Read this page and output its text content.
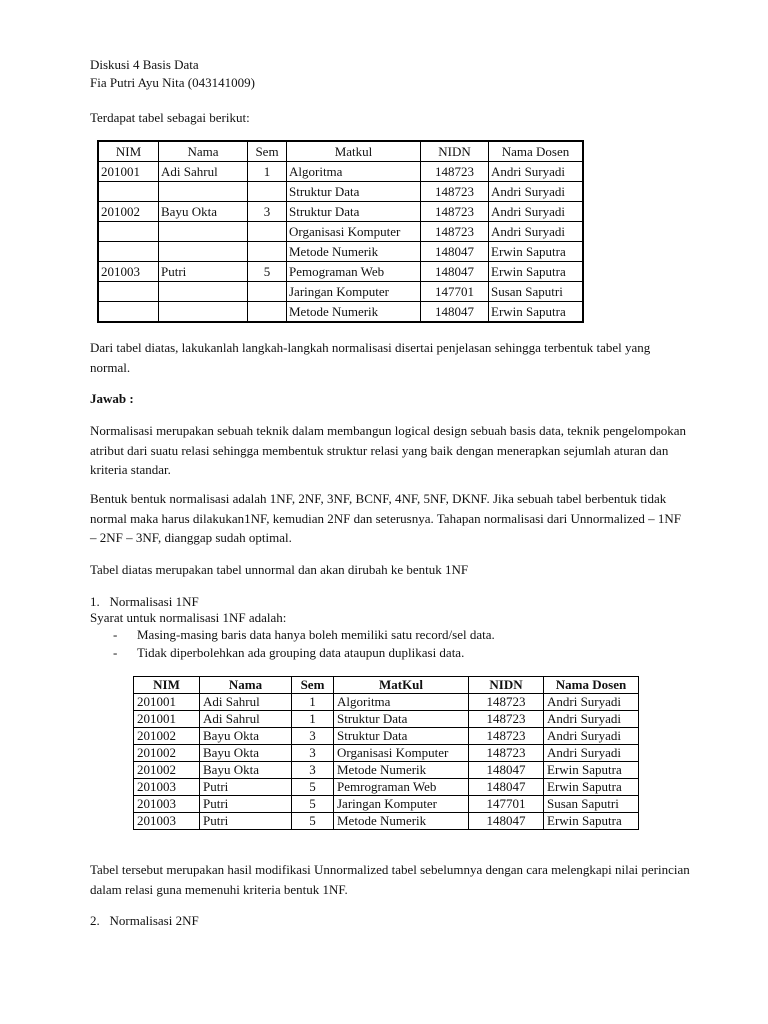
Diskusi 4 Basis Data
Fia Putri Ayu Nita (043141009)
Terdapat tabel sebagai berikut:
NIM	Nama	Sem	Matkul	NIDN	Nama Dosen
201001	Adi Sahrul	1	Algoritma	148723	Andri Suryadi
			Struktur Data	148723	Andri Suryadi
201002	Bayu Okta	3	Struktur Data	148723	Andri Suryadi
			Organisasi Komputer	148723	Andri Suryadi
			Metode Numerik	148047	Erwin Saputra
201003	Putri	5	Pemograman Web	148047	Erwin Saputra
			Jaringan Komputer	147701	Susan Saputri
			Metode Numerik	148047	Erwin Saputra
Dari tabel diatas, lakukanlah langkah-langkah normalisasi disertai penjelasan sehingga terbentuk tabel yang normal.
Jawab :
Normalisasi merupakan sebuah teknik dalam membangun logical design sebuah basis data, teknik pengelompokan atribut dari suatu relasi sehingga membentuk struktur relasi yang baik dengan menerapkan sejumlah aturan dan kriteria standar.
Bentuk bentuk normalisasi adalah 1NF, 2NF, 3NF, BCNF, 4NF, 5NF, DKNF. Jika sebuah tabel berbentuk tidak normal maka harus dilakukan1NF, kemudian 2NF dan seterusnya. Tahapan normalisasi dari Unnormalized – 1NF – 2NF – 3NF, dianggap sudah optimal.
Tabel diatas merupakan tabel unnormal dan akan dirubah ke bentuk 1NF
1.   Normalisasi 1NF
Syarat untuk normalisasi 1NF adalah:
- Masing-masing baris data hanya boleh memiliki satu record/sel data.
- Tidak diperbolehkan ada grouping data ataupun duplikasi data.
NIM	Nama	Sem	MatKul	NIDN	Nama Dosen
201001	Adi Sahrul	1	Algoritma	148723	Andri Suryadi
201001	Adi Sahrul	1	Struktur Data	148723	Andri Suryadi
201002	Bayu Okta	3	Struktur Data	148723	Andri Suryadi
201002	Bayu Okta	3	Organisasi Komputer	148723	Andri Suryadi
201002	Bayu Okta	3	Metode Numerik	148047	Erwin Saputra
201003	Putri	5	Pemrograman Web	148047	Erwin Saputra
201003	Putri	5	Jaringan Komputer	147701	Susan Saputri
201003	Putri	5	Metode Numerik	148047	Erwin Saputra
Tabel tersebut merupakan hasil modifikasi Unnormalized tabel sebelumnya dengan cara melengkapi nilai perincian dalam relasi guna memenuhi kriteria bentuk 1NF.
2.   Normalisasi 2NF
